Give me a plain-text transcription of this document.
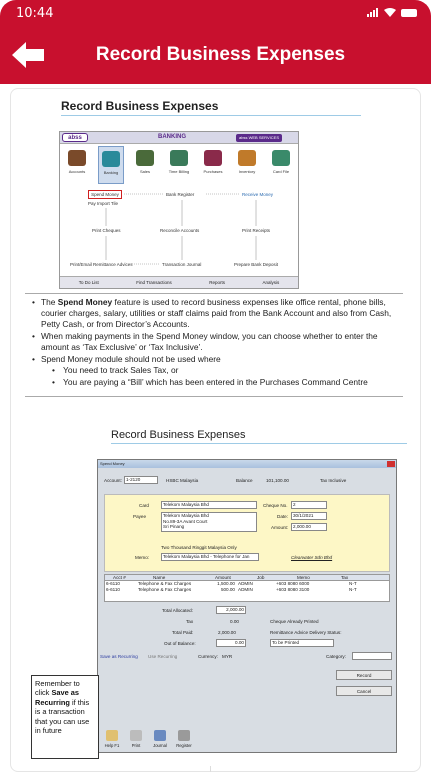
10:44
Record Business Expenses
Record Business Expenses
abss	BANKING	abss WEB SERVICES
Accounts	Banking	Sales	Time Billing	Purchases	Inventory	Card File
Spend Money
Pay Import Tile
Bank Register	Receive Money
Print Cheques	Reconcile Accounts	Print Receipts
Print/Email Remittance Advices	Transaction Journal	Prepare Bank Deposit
To Do List	Find Transactions	Reports	Analysis
• The Spend Money feature is used to record business expenses like office rental, phone bills, courier charges, salary, utilities or staff claims paid from the Bank Account and also from Cash, Petty Cash, or from Director’s Accounts.
• When making payments in the Spend Money window, you can choose whether to enter the amount as ‘Tax Exclusive’ or ‘Tax Inclusive’.
• Spend Money module should not be used where
• You need to track Sales Tax, or
• You are paying a “Bill’ which has been entered in the Purchases Command Centre
Record Business Expenses
Spend Money
Account: 1-2120	HSBC Malaysia	Balance	101,100.00	Tax Inclusive
Card	Telekom Malaysia Bhd	Cheque No.	2
Payee	Telekom Malaysia Bhd
No.89-3A Avant Court
Sri Pinang
Date:	30/1/2021
Amount:	2,000.00
Two Thousand Ringgit Malaysia Only
Memo:	Telekom Malaysia Bhd - Telephone for Jan	Clearwater Sdn Bhd
Acct #	Name	Amount	Job	Memo	Tax
6-6110	Telephone & Fax Charges	1,500.00 ADMIN	+603 8080 6000	N-T
6-6110	Telephone & Fax Charges	500.00 ADMIN	+603 8080 3100	N-T
Total Allocated:	2,000.00
Tax	0.00
Total Paid:	2,000.00
Out of Balance:	0.00
Cheque Already Printed
Remittance Advice Delivery Status:
To be Printed
Save as Recurring Use Recurring	Currency: MYR	Category:
Help F1	Print	Journal Register
Record
Cancel
Remember to click Save as Recurring if this is a transaction that you can use in future
